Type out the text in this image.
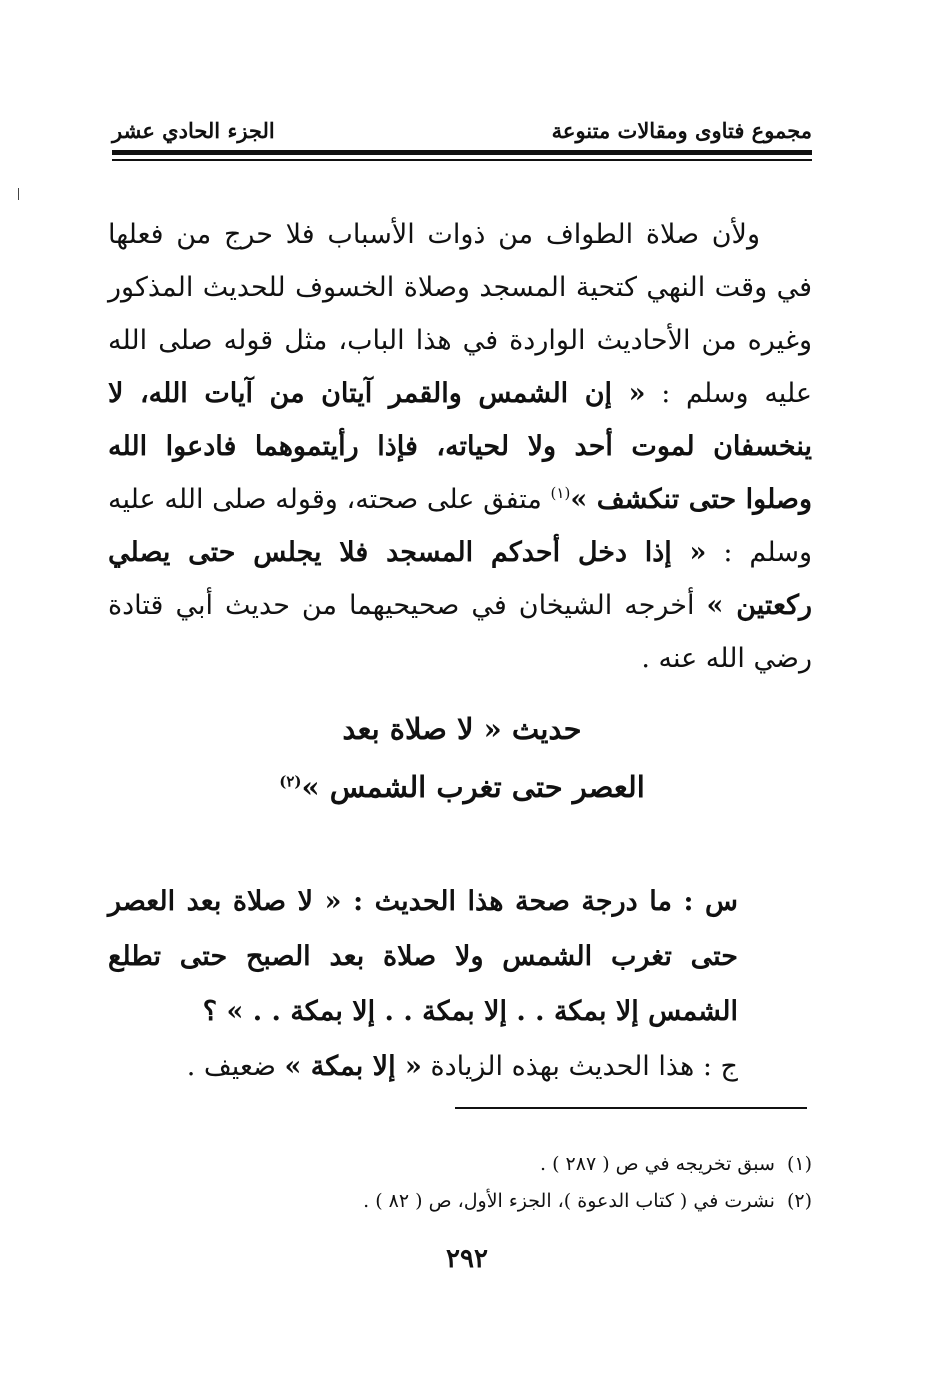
مجموع فتاوى ومقالات متنوعة
الجزء الحادي عشر

ولأن صلاة الطواف من ذوات الأسباب فلا حرج من فعلها في وقت النهي كتحية المسجد وصلاة الخسوف للحديث المذكور وغيره من الأحاديث الواردة في هذا الباب، مثل قوله صلى الله عليه وسلم : « إن الشمس والقمر آيتان من آيات الله، لا ينخسفان لموت أحد ولا لحياته، فإذا رأيتموهما فادعوا الله وصلوا حتى تنكشف »$^{(١)}$ متفق على صحته، وقوله صلى الله عليه وسلم : « إذا دخل أحدكم المسجد فلا يجلس حتى يصلي ركعتين » أخرجه الشيخان في صحيحيهما من حديث أبي قتادة رضي الله عنه .

حديث « لا صلاة بعد
العصر حتى تغرب الشمس »$^{(٢)}$

س : ما درجة صحة هذا الحديث : « لا صلاة بعد العصر حتى تغرب الشمس ولا صلاة بعد الصبح حتى تطلع الشمس إلا بمكة . . إلا بمكة . . إلا بمكة . . » ؟

ج : هذا الحديث بهذه الزيادة « إلا بمكة » ضعيف .

(١)
سبق تخريجه في ص ( ٢٨٧ ) .
(٢)
نشرت في ( كتاب الدعوة )، الجزء الأول، ص ( ٨٢ ) .
٢٩٢
